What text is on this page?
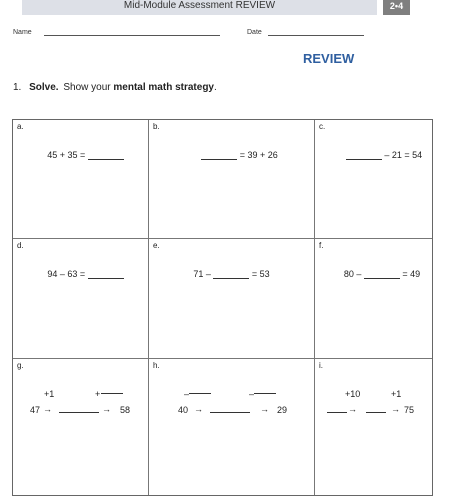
Mid-Module Assessment REVIEW	2•4
Name	Date
REVIEW
1. Solve. Show your mental math strategy.
a.
45 + 35 =
b.
= 39 + 26
c.
– 21 = 54
d.
94 – 63 =
e.
71 –	= 53
f.
80 –	= 49
g.
+1	+
47 →	→ 58
h.
–	–
40 →	→ 29
i.
+10	+1
→	→ 75
